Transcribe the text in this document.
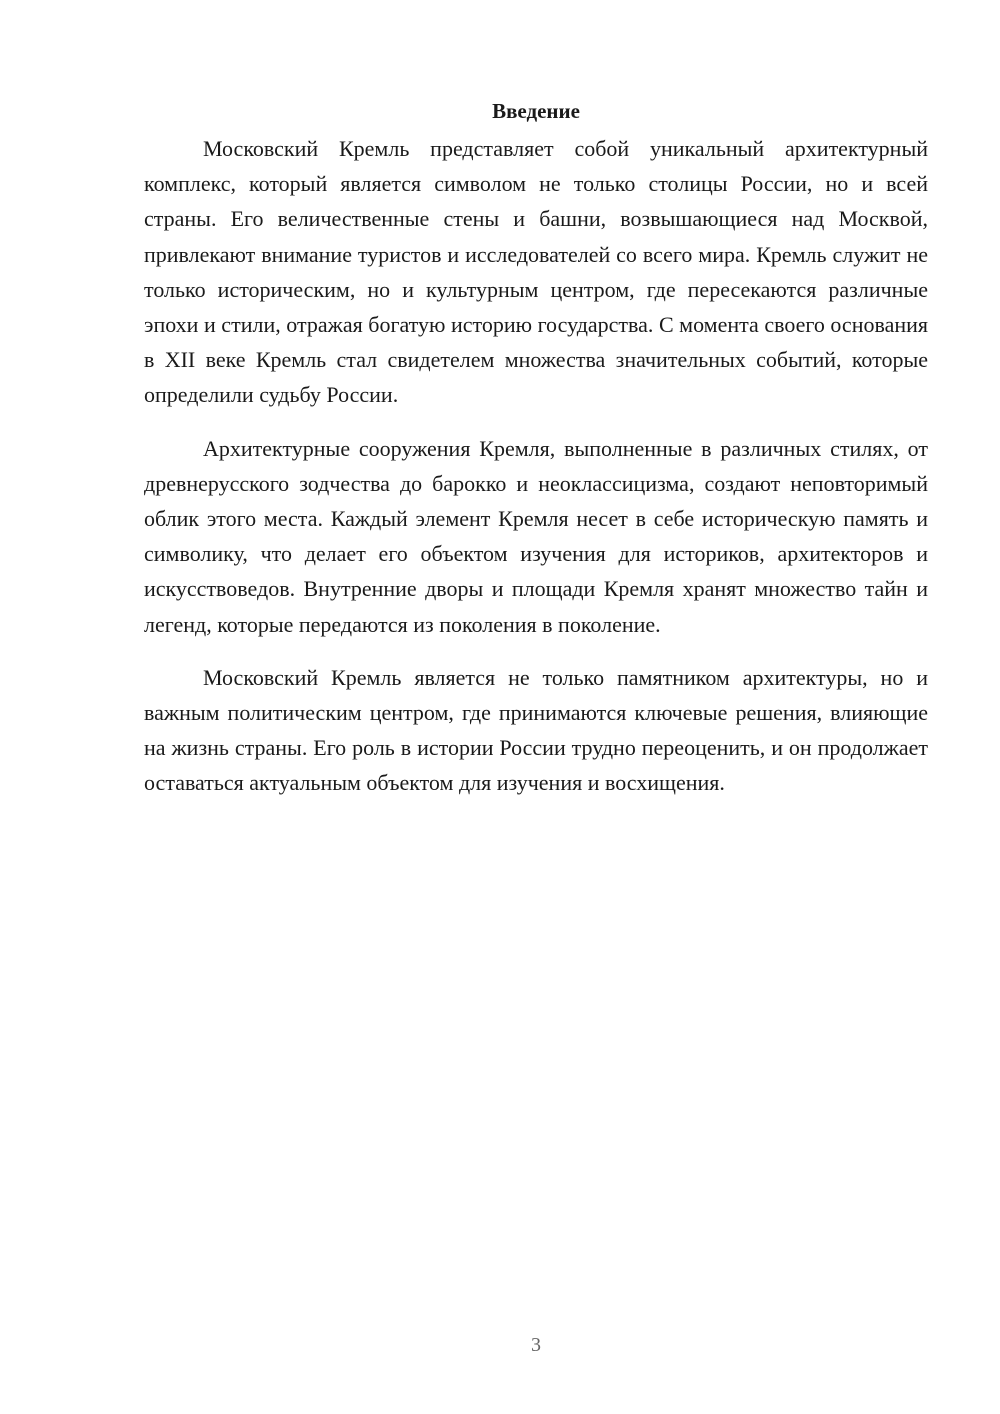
Введение

Московский Кремль представляет собой уникальный архитектурный комплекс, который является символом не только столицы России, но и всей страны. Его величественные стены и башни, возвышающиеся над Москвой, привлекают внимание туристов и исследователей со всего мира. Кремль служит не только историческим, но и культурным центром, где пересекаются различные эпохи и стили, отражая богатую историю государства. С момента своего основания в XII веке Кремль стал свидетелем множества значительных событий, которые определили судьбу России.

Архитектурные сооружения Кремля, выполненные в различных стилях, от древнерусского зодчества до барокко и неоклассицизма, создают неповторимый облик этого места. Каждый элемент Кремля несет в себе историческую память и символику, что делает его объектом изучения для историков, архитекторов и искусствоведов. Внутренние дворы и площади Кремля хранят множество тайн и легенд, которые передаются из поколения в поколение.

Московский Кремль является не только памятником архитектуры, но и важным политическим центром, где принимаются ключевые решения, влияющие на жизнь страны. Его роль в истории России трудно переоценить, и он продолжает оставаться актуальным объектом для изучения и восхищения.

3
